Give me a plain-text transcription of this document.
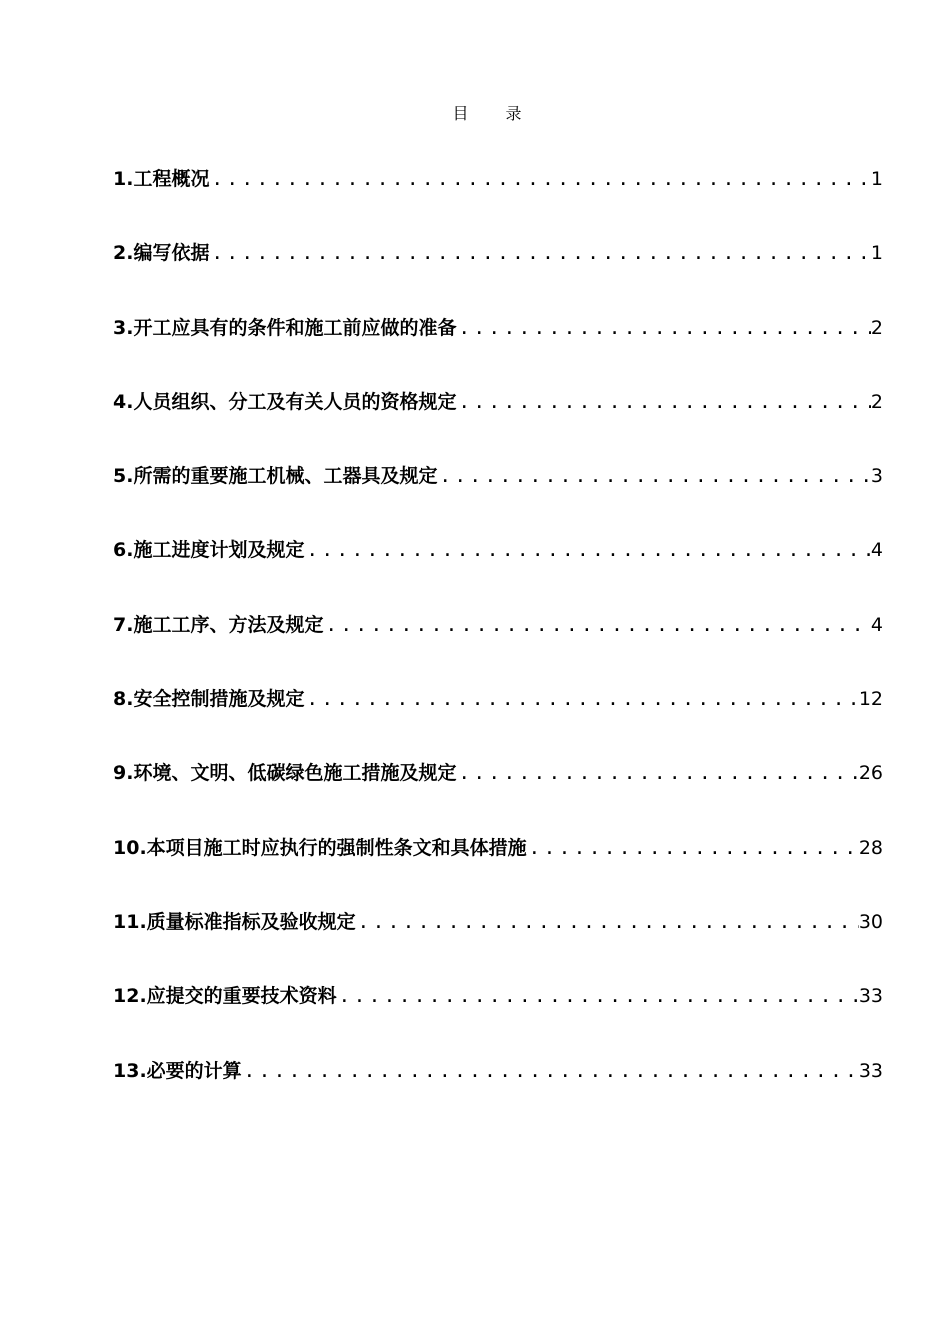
目 录
1.工程概况 .....	1
2.编写依据 .....	1
3.开工应具有的条件和施工前应做的准备 .....	2
4.人员组织、分工及有关人员的资格规定 .....	2
5.所需的重要施工机械、工器具及规定 .....	3
6.施工进度计划及规定 .....	4
7.施工工序、方法及规定 .....	4
8.安全控制措施及规定 .....	12
9.环境、文明、低碳绿色施工措施及规定 .....	26
10.本项目施工时应执行的强制性条文和具体措施 .....	28
11.质量标准指标及验收规定 .....	30
12.应提交的重要技术资料 .....	33
13.必要的计算 .....	33
